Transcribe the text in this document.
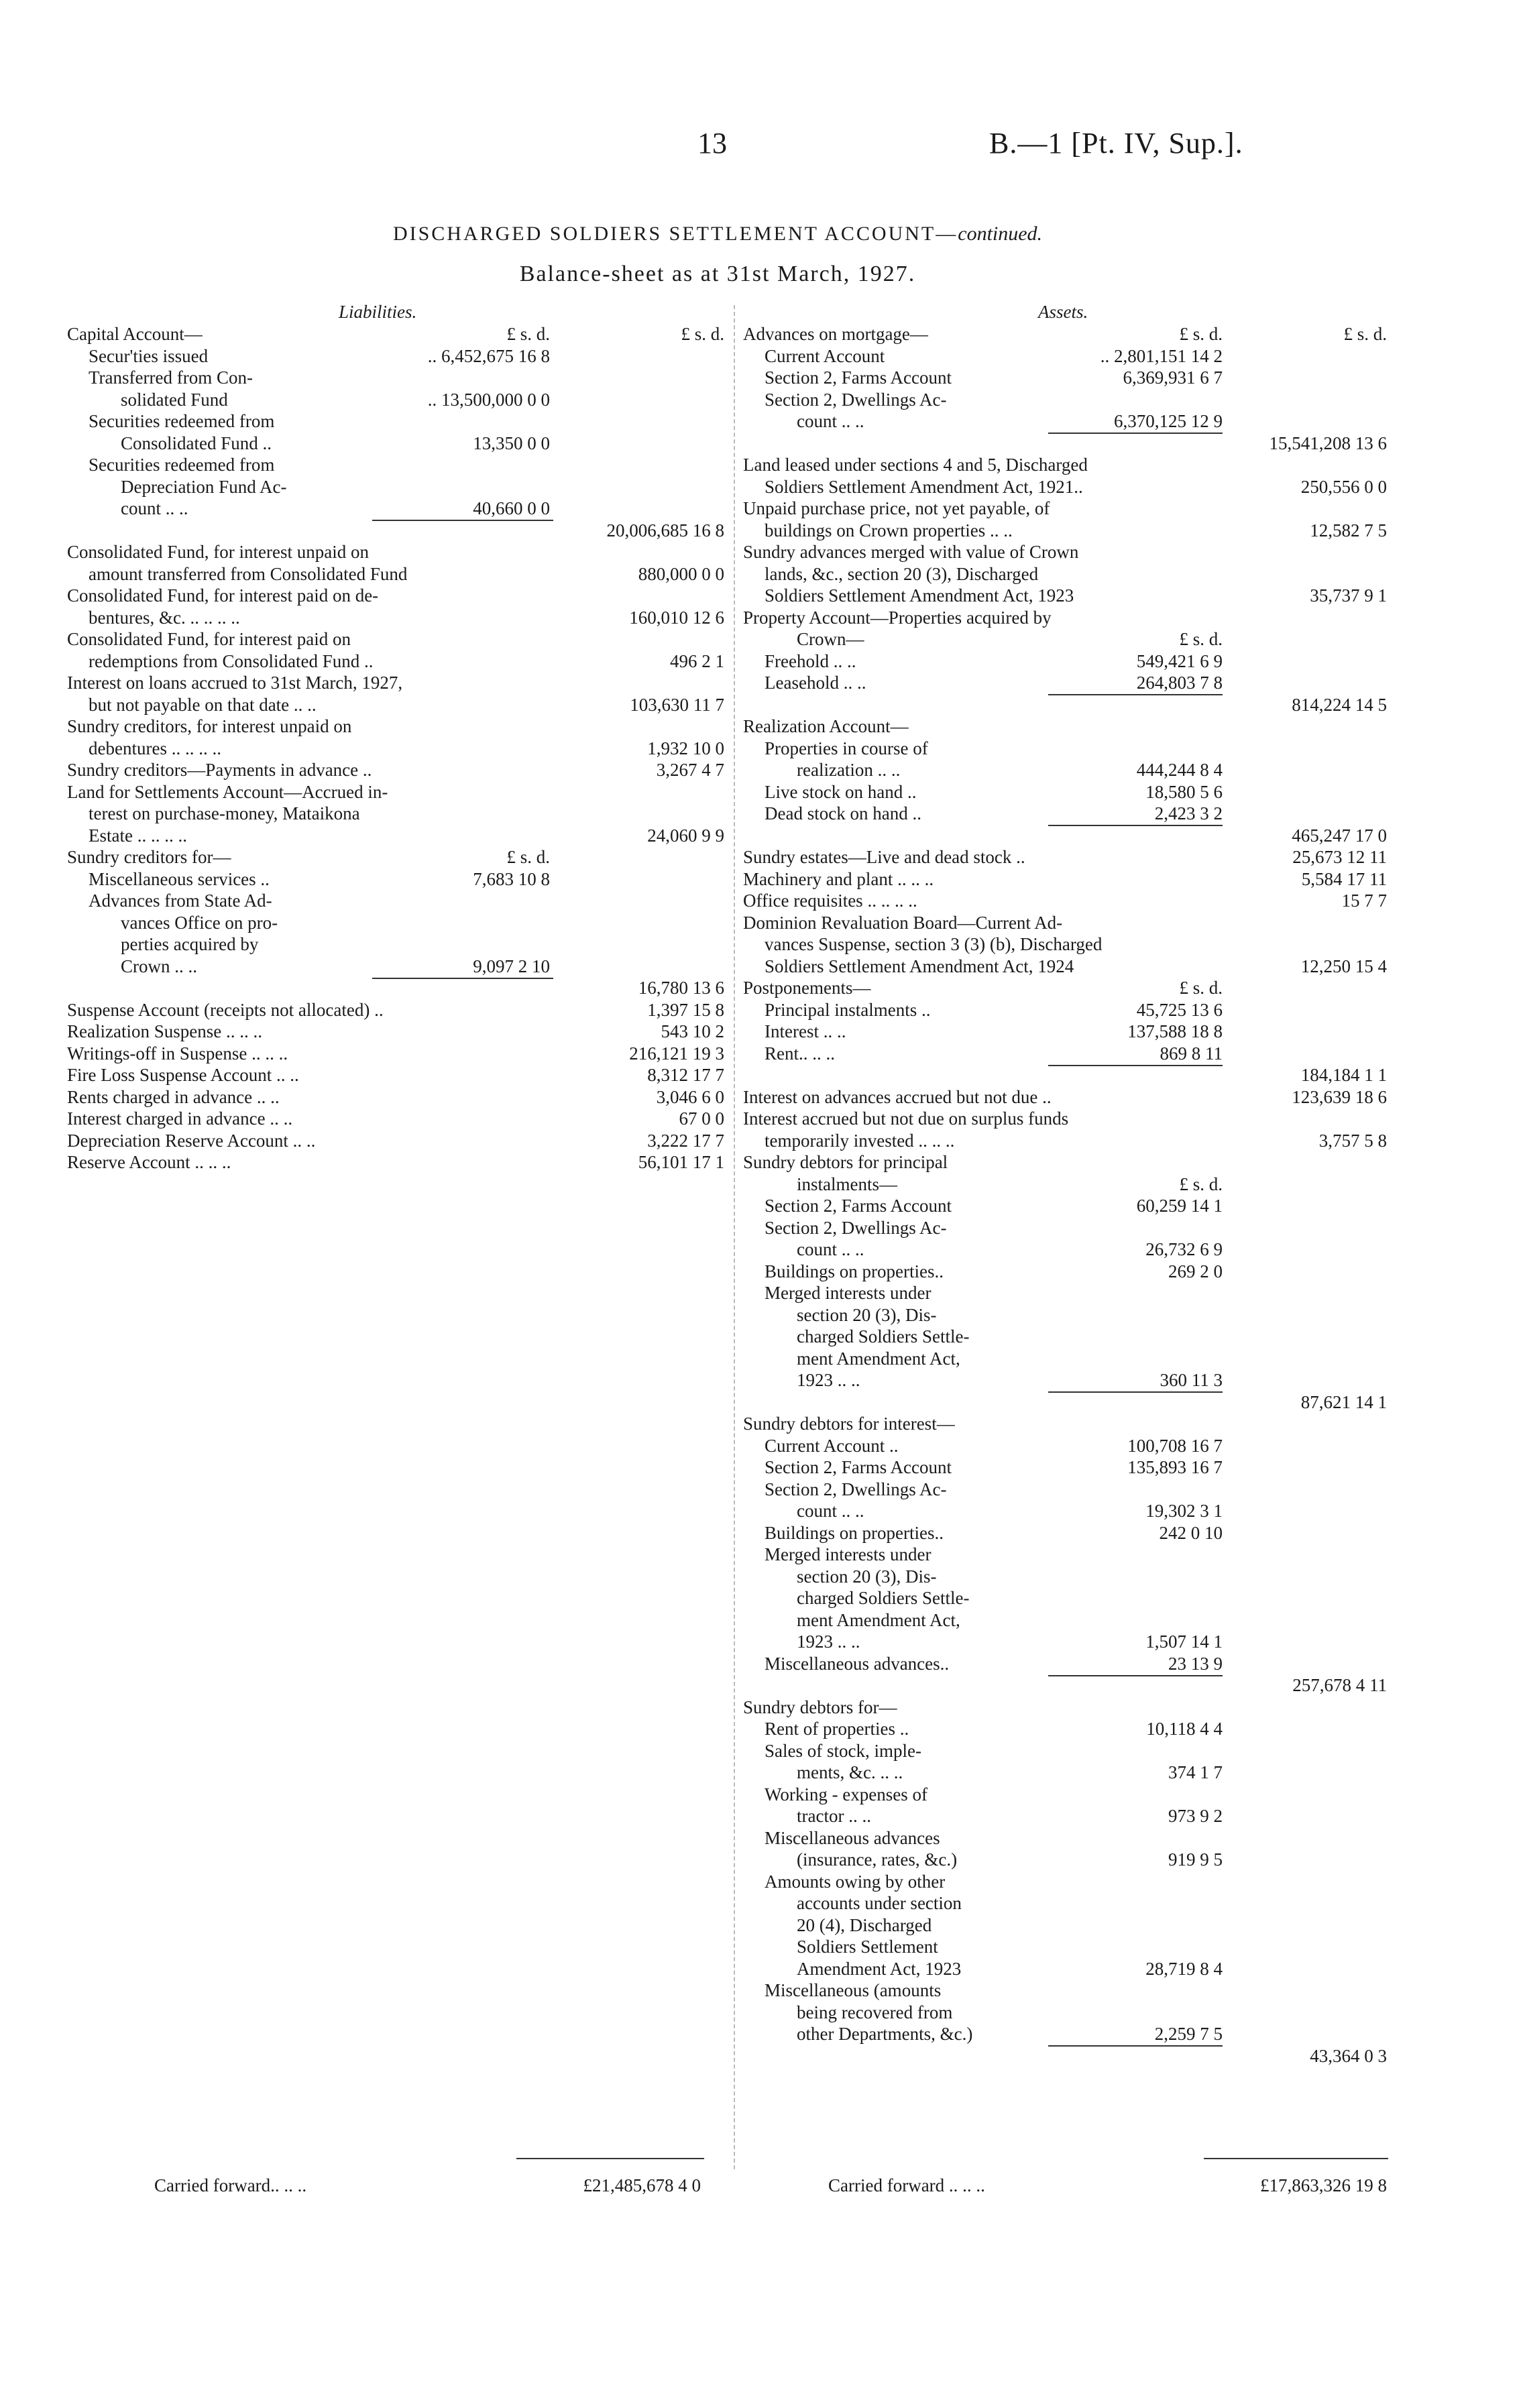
13	B.—1 [Pt. IV, Sup.].
DISCHARGED SOLDIERS SETTLEMENT ACCOUNT—continued.
Balance-sheet as at 31st March, 1927.
Liabilities.	Assets.
Capital Account—	£ s. d.	£ s. d.
Secur'ties issued	.. 6,452,675 16 8
Transferred from Con-
solidated Fund	.. 13,500,000 0 0
Securities redeemed from
Consolidated Fund ..	13,350 0 0
Securities redeemed from
Depreciation Fund Ac-
count .. ..	40,660 0 0
20,006,685 16 8
Consolidated Fund, for interest unpaid on
amount transferred from Consolidated Fund	880,000 0 0
Consolidated Fund, for interest paid on de-
bentures, &c. .. .. .. ..	160,010 12 6
Consolidated Fund, for interest paid on
redemptions from Consolidated Fund ..	496 2 1
Interest on loans accrued to 31st March, 1927,
but not payable on that date .. ..	103,630 11 7
Sundry creditors, for interest unpaid on
debentures .. .. .. ..	1,932 10 0
Sundry creditors—Payments in advance ..	3,267 4 7
Land for Settlements Account—Accrued in-
terest on purchase-money, Mataikona
Estate .. .. .. ..	24,060 9 9
Sundry creditors for—	£ s. d.
Miscellaneous services ..	7,683 10 8
Advances from State Ad-
vances Office on pro-
perties acquired by
Crown .. ..	9,097 2 10
16,780 13 6
Suspense Account (receipts not allocated) ..	1,397 15 8
Realization Suspense .. .. ..	543 10 2
Writings-off in Suspense .. .. ..	216,121 19 3
Fire Loss Suspense Account .. ..	8,312 17 7
Rents charged in advance .. ..	3,046 6 0
Interest charged in advance .. ..	67 0 0
Depreciation Reserve Account .. ..	3,222 17 7
Reserve Account .. .. ..	56,101 17 1
Advances on mortgage—	£ s. d.	£ s. d.
Current Account	.. 2,801,151 14 2
Section 2, Farms Account	6,369,931 6 7
Section 2, Dwellings Ac-
count .. ..	6,370,125 12 9
15,541,208 13 6
Land leased under sections 4 and 5, Discharged
Soldiers Settlement Amendment Act, 1921..	250,556 0 0
Unpaid purchase price, not yet payable, of
buildings on Crown properties .. ..	12,582 7 5
Sundry advances merged with value of Crown
lands, &c., section 20 (3), Discharged
Soldiers Settlement Amendment Act, 1923	35,737 9 1
Property Account—Properties acquired by
Crown—	£ s. d.
Freehold .. ..	549,421 6 9
Leasehold .. ..	264,803 7 8
814,224 14 5
Realization Account—
Properties in course of
realization .. ..	444,244 8 4
Live stock on hand ..	18,580 5 6
Dead stock on hand ..	2,423 3 2
465,247 17 0
Sundry estates—Live and dead stock ..	25,673 12 11
Machinery and plant .. .. ..	5,584 17 11
Office requisites .. .. .. ..	15 7 7
Dominion Revaluation Board—Current Ad-
vances Suspense, section 3 (3) (b), Discharged
Soldiers Settlement Amendment Act, 1924	12,250 15 4
Postponements—	£ s. d.
Principal instalments ..	45,725 13 6
Interest .. ..	137,588 18 8
Rent.. .. ..	869 8 11
184,184 1 1
Interest on advances accrued but not due ..	123,639 18 6
Interest accrued but not due on surplus funds
temporarily invested .. .. ..	3,757 5 8
Sundry debtors for principal
instalments—	£ s. d.
Section 2, Farms Account	60,259 14 1
Section 2, Dwellings Ac-
count .. ..	26,732 6 9
Buildings on properties..	269 2 0
Merged interests under
section 20 (3), Dis-
charged Soldiers Settle-
ment Amendment Act,
1923 .. ..	360 11 3
87,621 14 1
Sundry debtors for interest—
Current Account ..	100,708 16 7
Section 2, Farms Account	135,893 16 7
Section 2, Dwellings Ac-
count .. ..	19,302 3 1
Buildings on properties..	242 0 10
Merged interests under
section 20 (3), Dis-
charged Soldiers Settle-
ment Amendment Act,
1923 .. ..	1,507 14 1
Miscellaneous advances..	23 13 9
257,678 4 11
Sundry debtors for—
Rent of properties ..	10,118 4 4
Sales of stock, imple-
ments, &c. .. ..	374 1 7
Working - expenses of
tractor .. ..	973 9 2
Miscellaneous advances
(insurance, rates, &c.)	919 9 5
Amounts owing by other
accounts under section
20 (4), Discharged
Soldiers Settlement
Amendment Act, 1923	28,719 8 4
Miscellaneous (amounts
being recovered from
other Departments, &c.)	2,259 7 5
43,364 0 3
Carried forward.. .. ..	£21,485,678 4 0	Carried forward .. .. ..	£17,863,326 19 8
